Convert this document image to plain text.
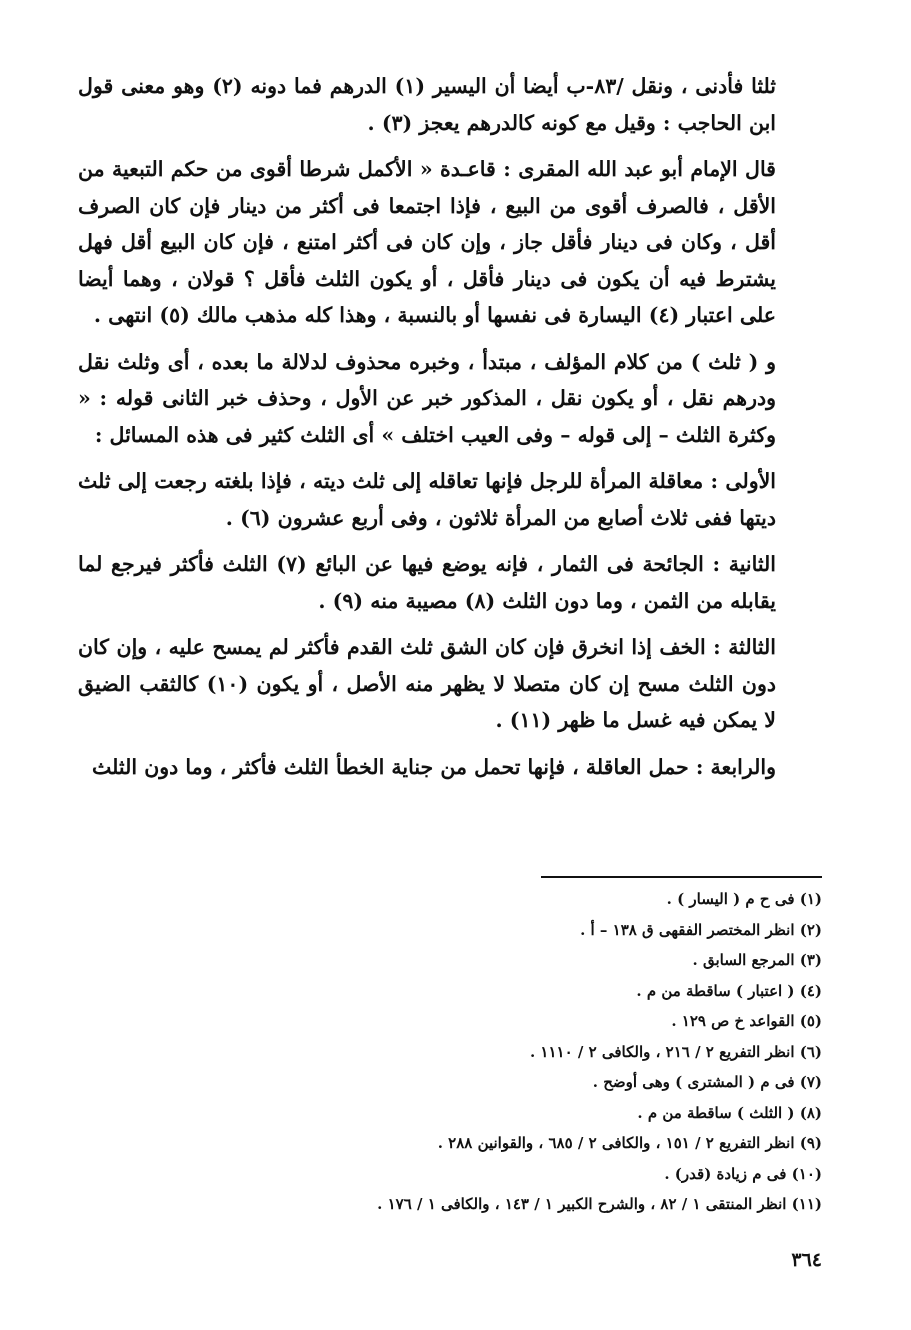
ثلثا فأدنى ، ونقل /٨٣-ب أيضا أن اليسير (١) الدرهم فما دونه (٢) وهو معنى قول ابن الحاجب : وقيل مع كونه كالدرهم يعجز (٣) .

قال الإمام أبو عبد الله المقرى : قاعـدة « الأكمل شرطا أقوى من حكم التبعية من الأقل ، فالصرف أقوى من البيع ، فإذا اجتمعا فى أكثر من دينار فإن كان الصرف أقل ، وكان فى دينار فأقل جاز ، وإن كان فى أكثر امتنع ، فإن كان البيع أقل فهل يشترط فيه أن يكون فى دينار فأقل ، أو يكون الثلث فأقل ؟ قولان ، وهما أيضا على اعتبار (٤) اليسارة فى نفسها أو بالنسبة ، وهذا كله مذهب مالك (٥) انتهى .

و ( ثلث ) من كلام المؤلف ، مبتدأ ، وخبره محذوف لدلالة ما بعده ، أى وثلث نقل ودرهم نقل ، أو يكون نقل ، المذكور خبر عن الأول ، وحذف خبر الثانى قوله : « وكثرة الثلث – إلى قوله – وفى العيب اختلف » أى الثلث كثير فى هذه المسائل :

الأولى : معاقلة المرأة للرجل فإنها تعاقله إلى ثلث ديته ، فإذا بلغته رجعت إلى ثلث ديتها ففى ثلاث أصابع من المرأة ثلاثون ، وفى أربع عشرون (٦) .

الثانية : الجائحة فى الثمار ، فإنه يوضع فيها عن البائع (٧) الثلث فأكثر فيرجع لما يقابله من الثمن ، وما دون الثلث (٨) مصيبة منه (٩) .

الثالثة : الخف إذا انخرق فإن كان الشق ثلث القدم فأكثر لم يمسح عليه ، وإن كان دون الثلث مسح إن كان متصلا لا يظهر منه الأصل ، أو يكون (١٠) كالثقب الضيق لا يمكن فيه غسل ما ظهر (١١) .

والرابعة : حمل العاقلة ، فإنها تحمل من جناية الخطأ الثلث فأكثر ، وما دون الثلث

(١) فى ح م ( اليسار ) .
(٢) انظر المختصر الفقهى ق ١٣٨ – أ .
(٣) المرجع السابق .
(٤) ( اعتبار ) ساقطة من م .
(٥) القواعد خ ص ١٢٩ .
(٦) انظر التفريع ٢ / ٢١٦ ، والكافى ٢ / ١١١٠ .
(٧) فى م ( المشترى ) وهى أوضح .
(٨) ( الثلث ) ساقطة من م .
(٩) انظر التفريع ٢ / ١٥١ ، والكافى ٢ / ٦٨٥ ، والقوانين ٢٨٨ .
(١٠) فى م زيادة (قدر) .
(١١) انظر المنتقى ١ / ٨٢ ، والشرح الكبير ١ / ١٤٣ ، والكافى ١ / ١٧٦ .
٣٦٤
